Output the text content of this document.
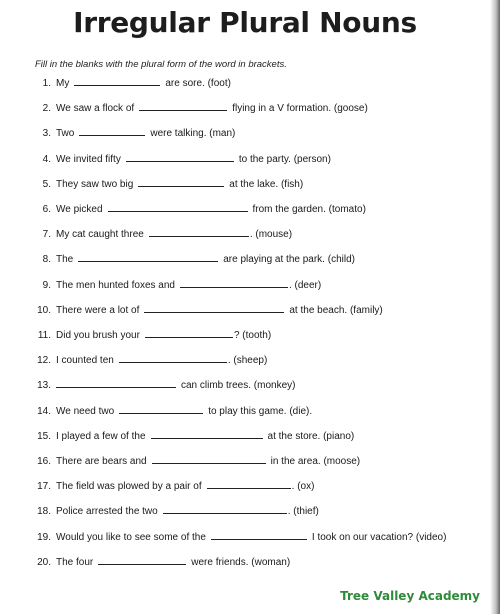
Irregular Plural Nouns
Fill in the blanks with the plural form of the word in brackets.
1. My	are sore. (foot)
2. We saw a flock of	flying in a V formation. (goose)
3. Two	were talking. (man)
4. We invited fifty	to the party. (person)
5. They saw two big	at the lake. (fish)
6. We picked	from the garden. (tomato)
7. My cat caught three	. (mouse)
8. The	are playing at the park. (child)
9. The men hunted foxes and	. (deer)
10. There were a lot of	at the beach. (family)
11. Did you brush your	? (tooth)
12. I counted ten	. (sheep)
13.	can climb trees. (monkey)
14. We need two	to play this game. (die).
15. I played a few of the	at the store. (piano)
16. There are bears and	in the area. (moose)
17. The field was plowed by a pair of	. (ox)
18. Police arrested the two	. (thief)
19. Would you like to see some of the	I took on our vacation? (video)
20. The four	were friends. (woman)
Tree Valley Academy
